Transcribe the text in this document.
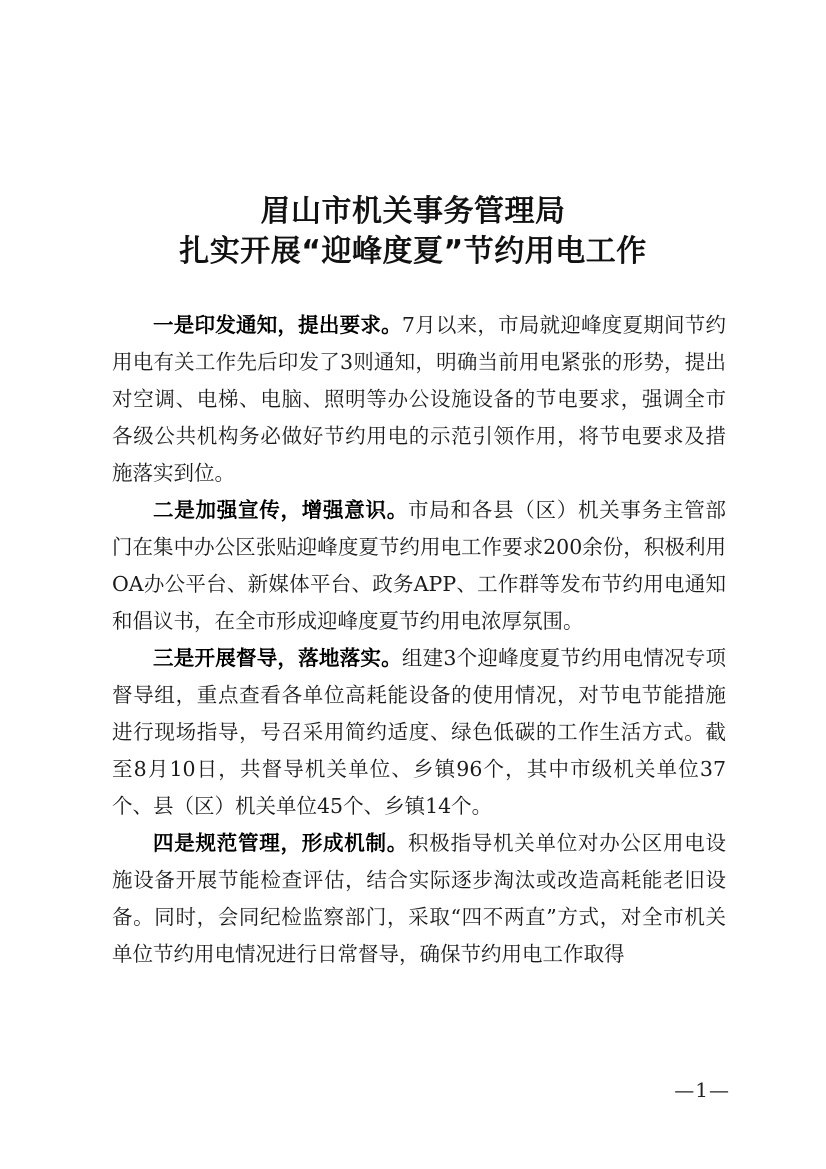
眉山市机关事务管理局
扎实开展“迎峰度夏”节约用电工作

一是印发通知，提出要求。7月以来，市局就迎峰度夏期间节约用电有关工作先后印发了3则通知，明确当前用电紧张的形势，提出对空调、电梯、电脑、照明等办公设施设备的节电要求，强调全市各级公共机构务必做好节约用电的示范引领作用，将节电要求及措施落实到位。

二是加强宣传，增强意识。市局和各县（区）机关事务主管部门在集中办公区张贴迎峰度夏节约用电工作要求200余份，积极利用OA办公平台、新媒体平台、政务APP、工作群等发布节约用电通知和倡议书，在全市形成迎峰度夏节约用电浓厚氛围。

三是开展督导，落地落实。组建3个迎峰度夏节约用电情况专项督导组，重点查看各单位高耗能设备的使用情况，对节电节能措施进行现场指导，号召采用简约适度、绿色低碳的工作生活方式。截至8月10日，共督导机关单位、乡镇96个，其中市级机关单位37个、县（区）机关单位45个、乡镇14个。

四是规范管理，形成机制。积极指导机关单位对办公区用电设施设备开展节能检查评估，结合实际逐步淘汰或改造高耗能老旧设备。同时，会同纪检监察部门，采取“四不两直”方式，对全市机关单位节约用电情况进行日常督导，确保节约用电工作取得

—1—
